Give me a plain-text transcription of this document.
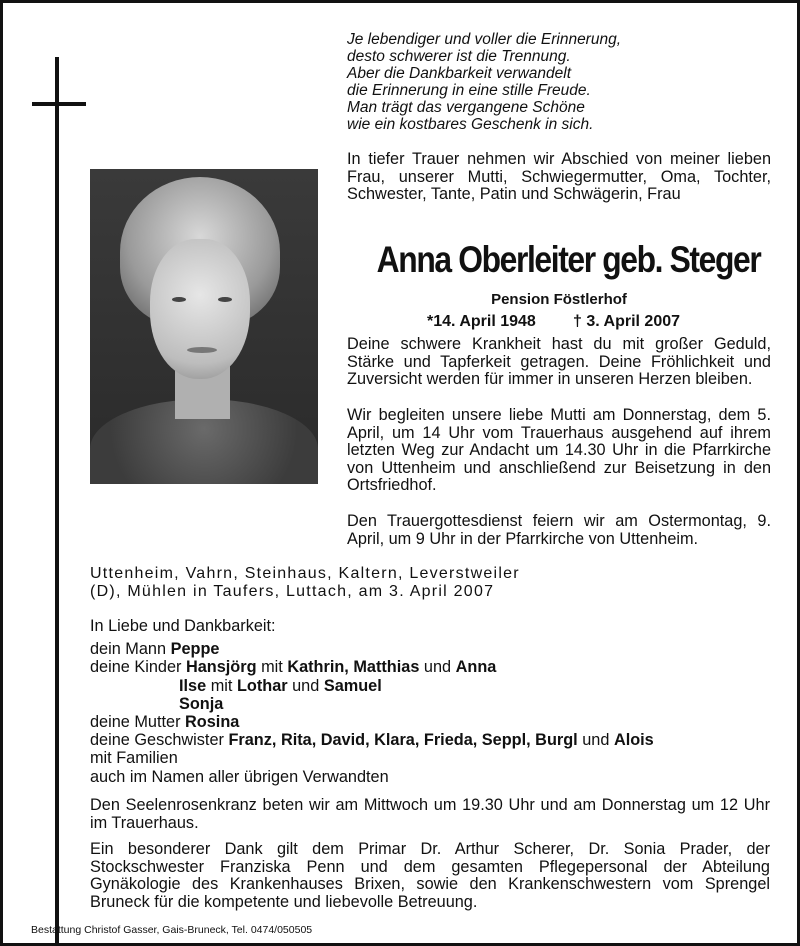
Je lebendiger und voller die Erinnerung,
desto schwerer ist die Trennung.
Aber die Dankbarkeit verwandelt
die Erinnerung in eine stille Freude.
Man trägt das vergangene Schöne
wie ein kostbares Geschenk in sich.
In tiefer Trauer nehmen wir Abschied von meiner lieben Frau, unserer Mutti, Schwiegermutter, Oma, Tochter, Schwester, Tante, Patin und Schwägerin, Frau
Anna Oberleiter geb. Steger
Pension Föstlerhof
*14. April 1948 † 3. April 2007
Deine schwere Krankheit hast du mit großer Geduld, Stärke und Tapferkeit getragen. Deine Fröhlichkeit und Zuversicht werden für immer in unseren Herzen bleiben.
Wir begleiten unsere liebe Mutti am Donnerstag, dem 5. April, um 14 Uhr vom Trauerhaus ausgehend auf ihrem letzten Weg zur Andacht um 14.30 Uhr in die Pfarrkirche von Uttenheim und anschließend zur Beisetzung in den Ortsfriedhof.
Den Trauergottesdienst feiern wir am Ostermontag, 9. April, um 9 Uhr in der Pfarrkirche von Uttenheim.
Uttenheim, Vahrn, Steinhaus, Kaltern, Leverstweiler (D), Mühlen in Taufers, Luttach, am 3. April 2007
In Liebe und Dankbarkeit:
dein Mann Peppe
deine Kinder Hansjörg mit Kathrin, Matthias und Anna
Ilse mit Lothar und Samuel
Sonja
deine Mutter Rosina
deine Geschwister Franz, Rita, David, Klara, Frieda, Seppl, Burgl und Alois
mit Familien
auch im Namen aller übrigen Verwandten
Den Seelenrosenkranz beten wir am Mittwoch um 19.30 Uhr und am Donnerstag um 12 Uhr im Trauerhaus.
Ein besonderer Dank gilt dem Primar Dr. Arthur Scherer, Dr. Sonia Prader, der Stockschwester Franziska Penn und dem gesamten Pflegepersonal der Abteilung Gynäkologie des Krankenhauses Brixen, sowie den Krankenschwestern vom Sprengel Bruneck für die kompetente und liebevolle Betreuung.
Bestattung Christof Gasser, Gais-Bruneck, Tel. 0474/050505
